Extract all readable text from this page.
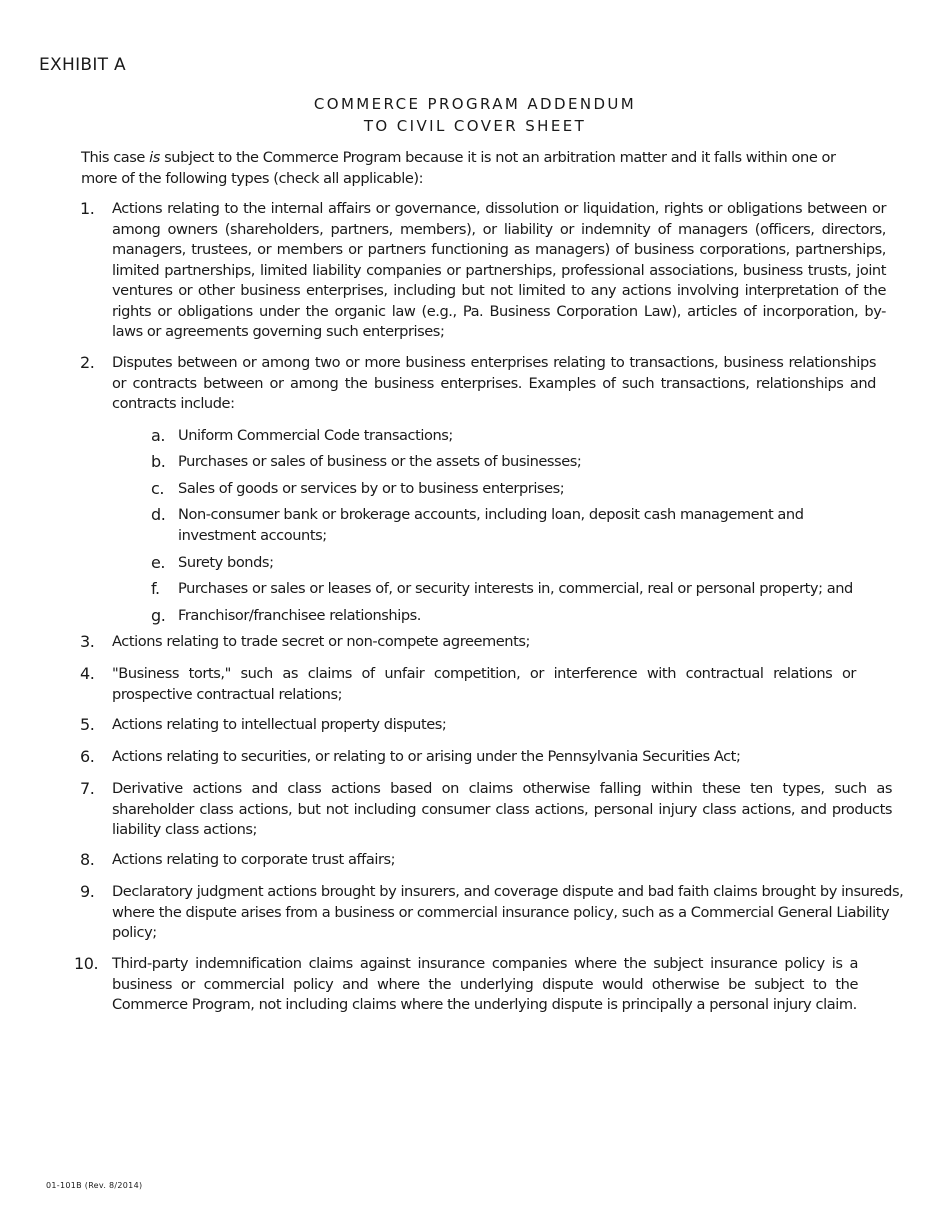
EXHIBIT A
COMMERCE PROGRAM ADDENDUM
TO CIVIL COVER SHEET
This case is subject to the Commerce Program because it is not an arbitration matter and it falls within one or more of the following types (check all applicable):
1. Actions relating to the internal affairs or governance, dissolution or liquidation, rights or obligations between or among owners (shareholders, partners, members), or liability or indemnity of managers (officers, directors, managers, trustees, or members or partners functioning as managers) of business corporations, partnerships, limited partnerships, limited liability companies or partnerships, professional associations, business trusts, joint ventures or other business enterprises, including but not limited to any actions involving interpretation of the rights or obligations under the organic law (e.g., Pa. Business Corporation Law), articles of incorporation, by-laws or agreements governing such enterprises;
2. Disputes between or among two or more business enterprises relating to transactions, business relationships or contracts between or among the business enterprises. Examples of such transactions, relationships and contracts include:
a. Uniform Commercial Code transactions;
b. Purchases or sales of business or the assets of businesses;
c. Sales of goods or services by or to business enterprises;
d. Non-consumer bank or brokerage accounts, including loan, deposit cash management and investment accounts;
e. Surety bonds;
f. Purchases or sales or leases of, or security interests in, commercial, real or personal property; and
g. Franchisor/franchisee relationships.
3. Actions relating to trade secret or non-compete agreements;
4. "Business torts," such as claims of unfair competition, or interference with contractual relations or prospective contractual relations;
5. Actions relating to intellectual property disputes;
6. Actions relating to securities, or relating to or arising under the Pennsylvania Securities Act;
7. Derivative actions and class actions based on claims otherwise falling within these ten types, such as shareholder class actions, but not including consumer class actions, personal injury class actions, and products liability class actions;
8. Actions relating to corporate trust affairs;
9. Declaratory judgment actions brought by insurers, and coverage dispute and bad faith claims brought by insureds, where the dispute arises from a business or commercial insurance policy, such as a Commercial General Liability policy;
10. Third-party indemnification claims against insurance companies where the subject insurance policy is a business or commercial policy and where the underlying dispute would otherwise be subject to the Commerce Program, not including claims where the underlying dispute is principally a personal injury claim.
01-101B (Rev. 8/2014)
